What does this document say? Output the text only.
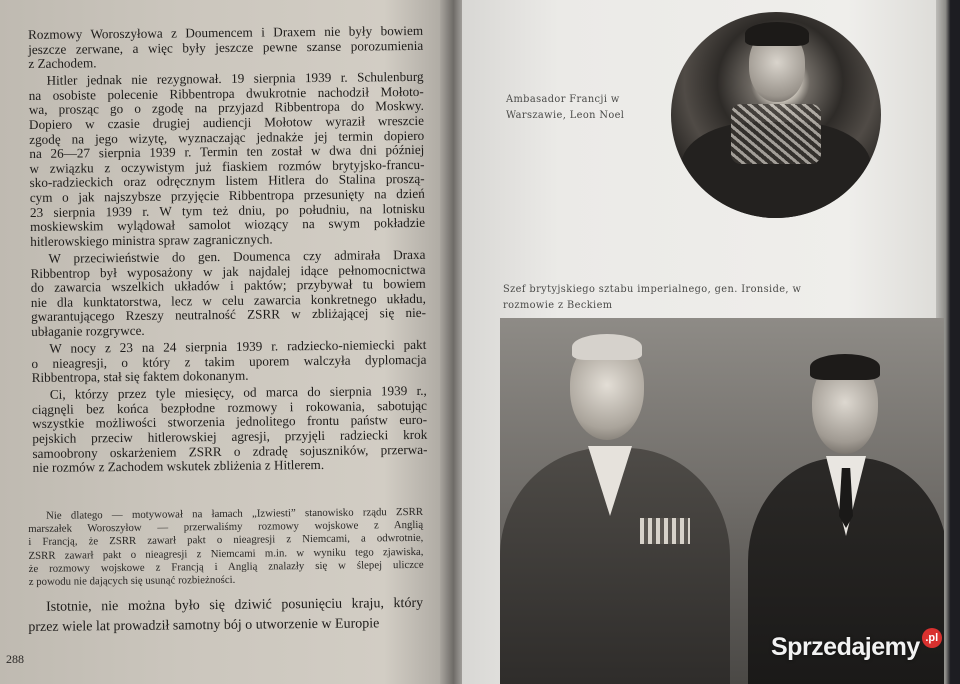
Rozmowy Woroszyłowa z Doumencem i Draxem nie były bowiem
jeszcze zerwane, a więc były jeszcze pewne szanse porozumienia
z Zachodem.
Hitler jednak nie rezygnował. 19 sierpnia 1939 r. Schulenburg
na osobiste polecenie Ribbentropa dwukrotnie nachodził Mołoto-
wa, prosząc go o zgodę na przyjazd Ribbentropa do Moskwy.
Dopiero w czasie drugiej audiencji Mołotow wyraził wreszcie
zgodę na jego wizytę, wyznaczając jednakże jej termin dopiero
na 26—27 sierpnia 1939 r. Termin ten został w dwa dni później
w związku z oczywistym już fiaskiem rozmów brytyjsko-francu-
sko-radzieckich oraz odręcznym listem Hitlera do Stalina proszą-
cym o jak najszybsze przyjęcie Ribbentropa przesunięty na dzień
23 sierpnia 1939 r. W tym też dniu, po południu, na lotnisku
moskiewskim wylądował samolot wiozący na swym pokładzie
hitlerowskiego ministra spraw zagranicznych.
W przeciwieństwie do gen. Doumenca czy admirała Draxa
Ribbentrop był wyposażony w jak najdalej idące pełnomocnictwa
do zawarcia wszelkich układów i paktów; przybywał tu bowiem
nie dla kunktatorstwa, lecz w celu zawarcia konkretnego układu,
gwarantującego Rzeszy neutralność ZSRR w zbliżającej się nie-
ubłaganie rozgrywce.
W nocy z 23 na 24 sierpnia 1939 r. radziecko-niemiecki pakt
o nieagresji, o który z takim uporem walczyła dyplomacja
Ribbentropa, stał się faktem dokonanym.
Ci, którzy przez tyle miesięcy, od marca do sierpnia 1939 r.,
ciągnęli bez końca bezpłodne rozmowy i rokowania, sabotując
wszystkie możliwości stworzenia jednolitego frontu państw euro-
pejskich przeciw hitlerowskiej agresji, przyjęli radziecki krok
samoobrony oskarżeniem ZSRR o zdradę sojuszników, przerwa-
nie rozmów z Zachodem wskutek zbliżenia z Hitlerem.
Nie dlatego — motywował na łamach „Izwiesti” stanowisko rządu ZSRR
marszałek Woroszyłow — przerwaliśmy rozmowy wojskowe z Anglią
i Francją, że ZSRR zawarł pakt o nieagresji z Niemcami, a odwrotnie,
ZSRR zawarł pakt o nieagresji z Niemcami m.in. w wyniku tego zjawiska,
że rozmowy wojskowe z Francją i Anglią znalazły się w ślepej uliczce
z powodu nie dających się usunąć rozbieżności.
Istotnie, nie można było się dziwić posunięciu kraju, który
przez wiele lat prowadził samotny bój o utworzenie w Europie
288
Ambasador Francji w Warszawie, Leon Noel
Szef brytyjskiego sztabu imperialnego, gen. Ironside, w rozmowie z Beckiem
Sprzedajemy .pl
